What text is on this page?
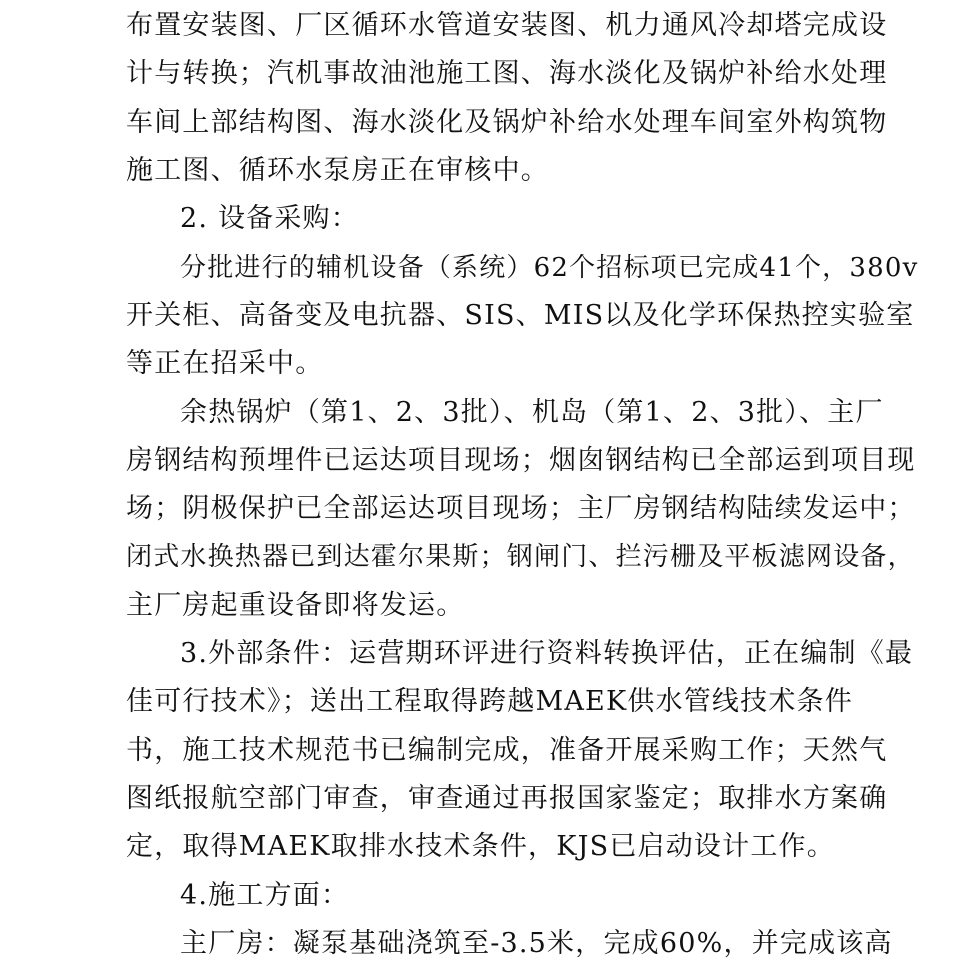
布置安装图、厂区循环水管道安装图、机力通风冷却塔完成设
计与转换；汽机事故油池施工图、海水淡化及锅炉补给水处理
车间上部结构图、海水淡化及锅炉补给水处理车间室外构筑物
施工图、循环水泵房正在审核中。
2. 设备采购：
分批进行的辅机设备（系统）62个招标项已完成41个，380v
开关柜、高备变及电抗器、SIS、MIS以及化学环保热控实验室
等正在招采中。
余热锅炉（第1、2、3批）、机岛（第1、2、3批）、主厂
房钢结构预埋件已运达项目现场；烟囱钢结构已全部运到项目现
场；阴极保护已全部运达项目现场；主厂房钢结构陆续发运中；
闭式水换热器已到达霍尔果斯；钢闸门、拦污栅及平板滤网设备，
主厂房起重设备即将发运。
3.外部条件：运营期环评进行资料转换评估，正在编制《最
佳可行技术》；送出工程取得跨越MAEK供水管线技术条件
书，施工技术规范书已编制完成，准备开展采购工作；天然气
图纸报航空部门审查，审查通过再报国家鉴定；取排水方案确
定，取得MAEK取排水技术条件，KJS已启动设计工作。
4.施工方面：
主厂房：凝泵基础浇筑至-3.5米，完成60%，并完成该高
